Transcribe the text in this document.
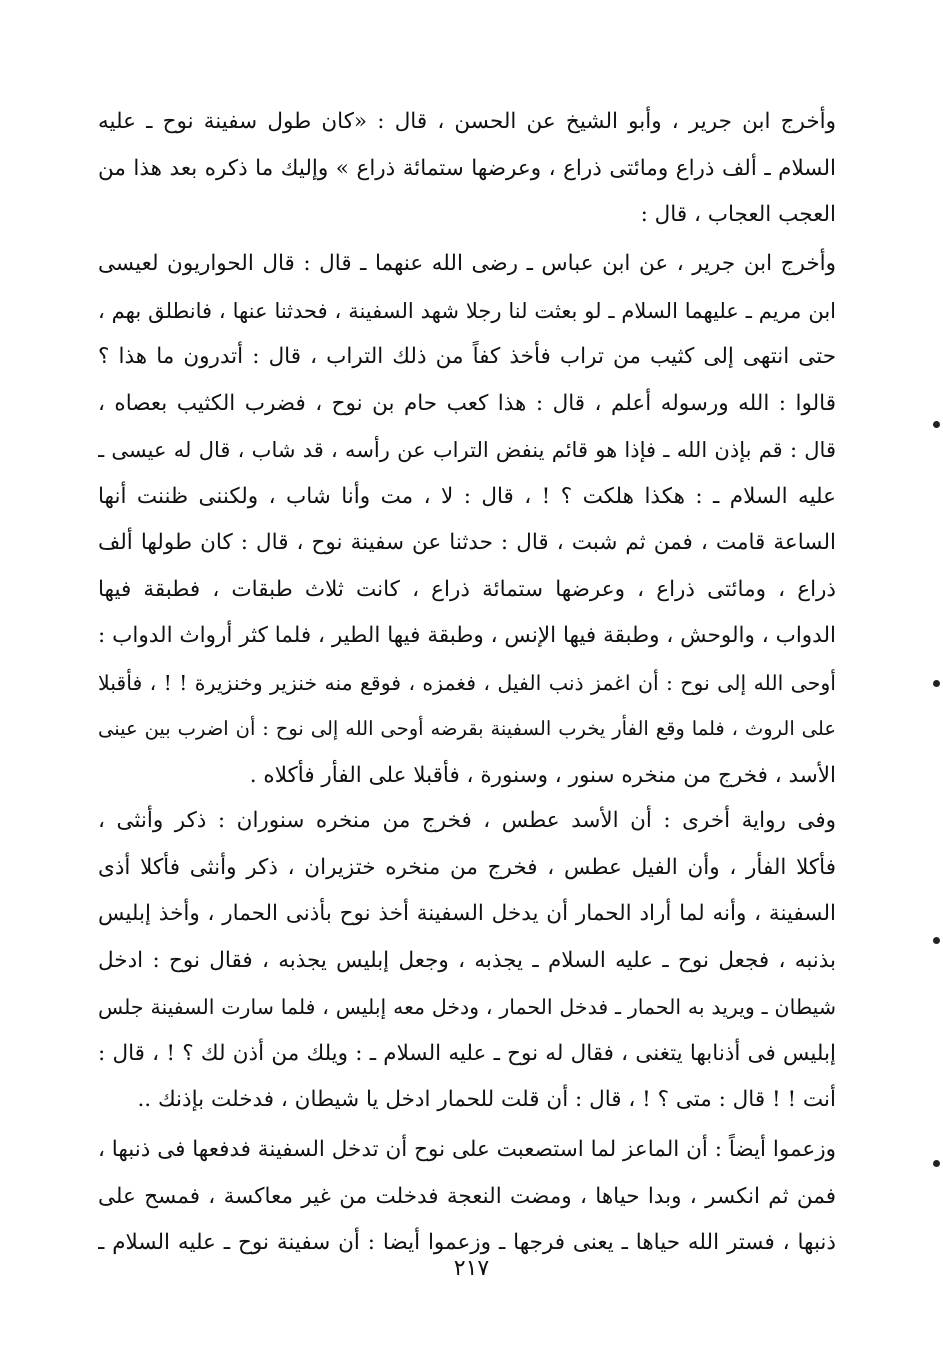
وأخرج ابن جرير ، وأبو الشيخ عن الحسن ، قال : «كان طول سفينة نوح ـ عليه
السلام ـ ألف ذراع ومائتى ذراع ، وعرضها ستمائة ذراع » وإليك ما ذكره بعد هذا من
العجب العجاب ، قال :
وأخرج ابن جرير ، عن ابن عباس ـ رضى الله عنهما ـ قال : قال الحواريون لعيسى
ابن مريم ـ عليهما السلام ـ لو بعثت لنا رجلا شهد السفينة ، فحدثنا عنها ، فانطلق بهم ،
حتى انتهى إلى كثيب من تراب فأخذ كفاً من ذلك التراب ، قال : أتدرون ما هذا ؟
قالوا : الله ورسوله أعلم ، قال : هذا كعب حام بن نوح ، فضرب الكثيب بعصاه ،
قال : قم بإذن الله ـ فإذا هو قائم ينفض التراب عن رأسه ، قد شاب ، قال له عيسى ـ
عليه السلام ـ : هكذا هلكت ؟ ! ، قال : لا ، مت وأنا شاب ، ولكننى ظننت أنها
الساعة قامت ، فمن ثم شبت ، قال : حدثنا عن سفينة نوح ، قال : كان طولها ألف
ذراع ، ومائتى ذراع ، وعرضها ستمائة ذراع ، كانت ثلاث طبقات ، فطبقة فيها
الدواب ، والوحش ، وطبقة فيها الإنس ، وطبقة فيها الطير ، فلما كثر أرواث الدواب :
أوحى الله إلى نوح : أن اغمز ذنب الفيل ، فغمزه ، فوقع منه خنزير وخنزيرة ! ! ، فأقبلا
على الروث ، فلما وقع الفأر يخرب السفينة بقرضه أوحى الله إلى نوح : أن اضرب بين عينى
الأسد ، فخرج من منخره سنور ، وسنورة ، فأقبلا على الفأر فأكلاه .
وفى رواية أخرى : أن الأسد عطس ، فخرج من منخره سنوران : ذكر وأنثى ،
فأكلا الفأر ، وأن الفيل عطس ، فخرج من منخره ختزيران ، ذكر وأنثى فأكلا أذى
السفينة ، وأنه لما أراد الحمار أن يدخل السفينة أخذ نوح بأذنى الحمار ، وأخذ إبليس
بذنبه ، فجعل نوح ـ عليه السلام ـ يجذبه ، وجعل إبليس يجذبه ، فقال نوح : ادخل
شيطان ـ ويريد به الحمار ـ فدخل الحمار ، ودخل معه إبليس ، فلما سارت السفينة جلس
إبليس فى أذنابها يتغنى ، فقال له نوح ـ عليه السلام ـ : ويلك من أذن لك ؟ ! ، قال :
أنت ! ! قال : متى ؟ ! ، قال : أن قلت للحمار ادخل يا شيطان ، فدخلت بإذنك ..
وزعموا أيضاً : أن الماعز لما استصعبت على نوح أن تدخل السفينة فدفعها فى ذنبها ،
فمن ثم انكسر ، وبدا حياها ، ومضت النعجة فدخلت من غير معاكسة ، فمسح على
ذنبها ، فستر الله حياها ـ يعنى فرجها ـ وزعموا أيضا : أن سفينة نوح ـ عليه السلام ـ
٢١٧
